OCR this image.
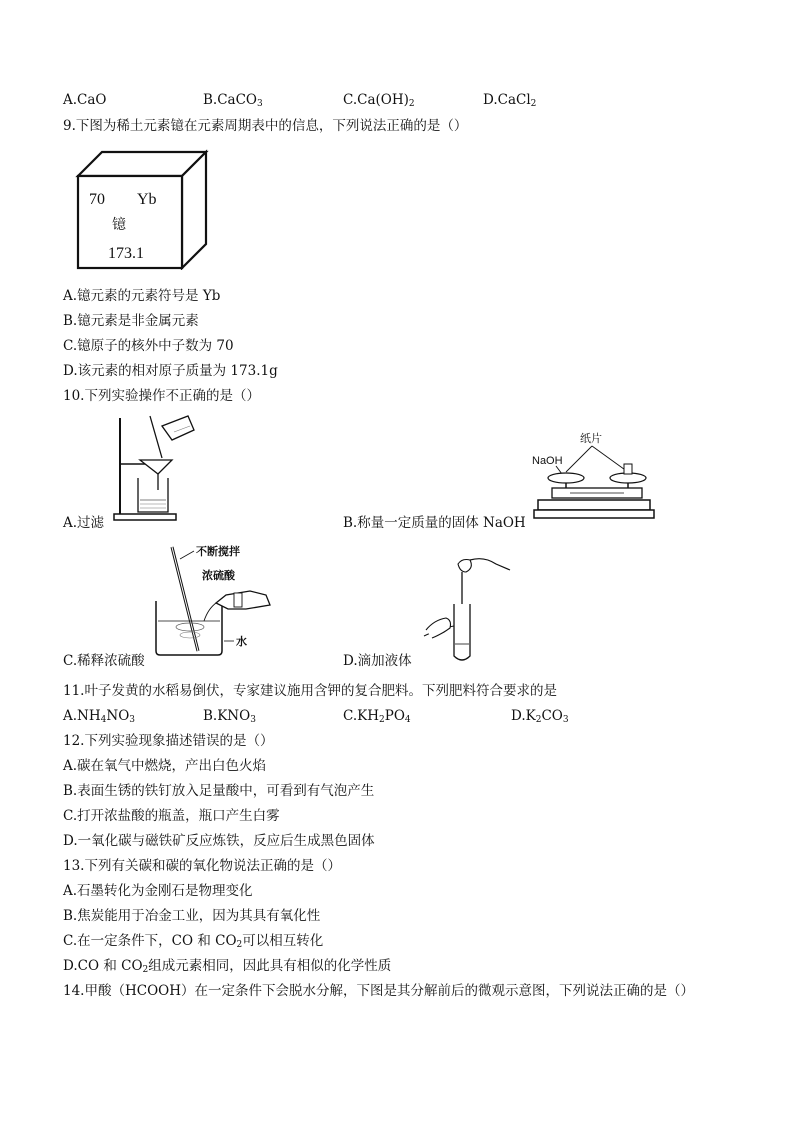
A.CaO	B.CaCO$_3$	$C.Ca(OH)_2$	D.CaCl$_2$
9.下图为稀土元素镱在元素周期表中的信息，下列说法正确的是（）
70 Yb
镱
173.1
A.镱元素的元素符号是 Yb
B.镱元素是非金属元素
C.镱原子的核外中子数为 70
D.该元素的相对原子质量为 173.1g
10.下列实验操作不正确的是（）
A.过滤
纸片
NaOH
B.称量一定质量的固体 NaOH
不断搅拌
浓硫酸
水
C.稀释浓硫酸	D.滴加液体
11.叶子发黄的水稻易倒伏，专家建议施用含钾的复合肥料。下列肥料符合要求的是
$A.NH_4NO_3$	$B.KNO_3$	$C.KH_2PO_4$	$D.K_2CO_3$
12.下列实验现象描述错误的是（）
A.碳在氧气中燃烧，产出白色火焰
B.表面生锈的铁钉放入足量酸中，可看到有气泡产生
C.打开浓盐酸的瓶盖，瓶口产生白雾
D.一氧化碳与磁铁矿反应炼铁，反应后生成黑色固体
13.下列有关碳和碳的氧化物说法正确的是（）
A.石墨转化为金刚石是物理变化
B.焦炭能用于冶金工业，因为其具有氧化性
C.在一定条件下，CO 和 $CO_2$可以相互转化
D.CO 和 $CO_2$组成元素相同，因此具有相似的化学性质
14.甲酸（HCOOH）在一定条件下会脱水分解，下图是其分解前后的微观示意图，下列说法正确的是（）
